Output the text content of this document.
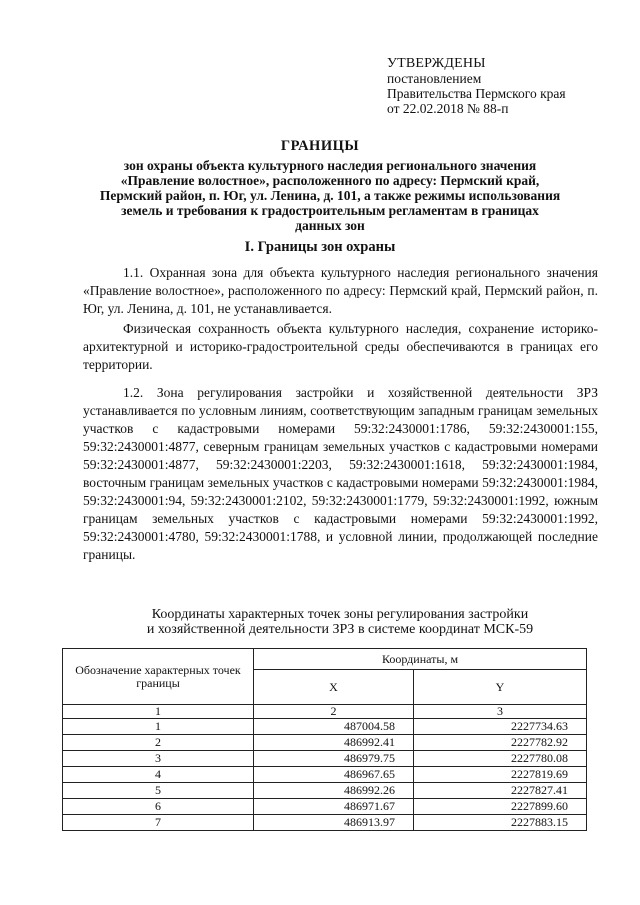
УТВЕРЖДЕНЫ
постановлением
Правительства Пермского края
от 22.02.2018 № 88-п
ГРАНИЦЫ
зон охраны объекта культурного наследия регионального значения
«Правление волостное», расположенного по адресу: Пермский край,
Пермский район, п. Юг, ул. Ленина, д. 101, а также режимы использования
земель и требования к градостроительным регламентам в границах
данных зон
I. Границы зон охраны

1.1. Охранная зона для объекта культурного наследия регионального значения «Правление волостное», расположенного по адресу: Пермский край, Пермский район, п. Юг, ул. Ленина, д. 101, не устанавливается.

Физическая сохранность объекта культурного наследия, сохранение историко-архитектурной и историко-градостроительной среды обеспечиваются в границах его территории.

1.2. Зона регулирования застройки и хозяйственной деятельности ЗРЗ устанавливается по условным линиям, соответствующим западным границам земельных участков с кадастровыми номерами 59:32:2430001:1786, 59:32:2430001:155, 59:32:2430001:4877, северным границам земельных участков с кадастровыми номерами 59:32:2430001:4877, 59:32:2430001:2203, 59:32:2430001:1618, 59:32:2430001:1984, восточным границам земельных участков с кадастровыми номерами 59:32:2430001:1984, 59:32:2430001:94, 59:32:2430001:2102, 59:32:2430001:1779, 59:32:2430001:1992, южным границам земельных участков с кадастровыми номерами 59:32:2430001:1992, 59:32:2430001:4780, 59:32:2430001:1788, и условной линии, продолжающей последние границы.

Координаты характерных точек зоны регулирования застройки
и хозяйственной деятельности ЗРЗ в системе координат МСК-59
Обозначение характерных точек границы	Координаты, м	
	X	Y
1	2	3
1	487004.58	2227734.63
2	486992.41	2227782.92
3	486979.75	2227780.08
4	486967.65	2227819.69
5	486992.26	2227827.41
6	486971.67	2227899.60
7	486913.97	2227883.15
